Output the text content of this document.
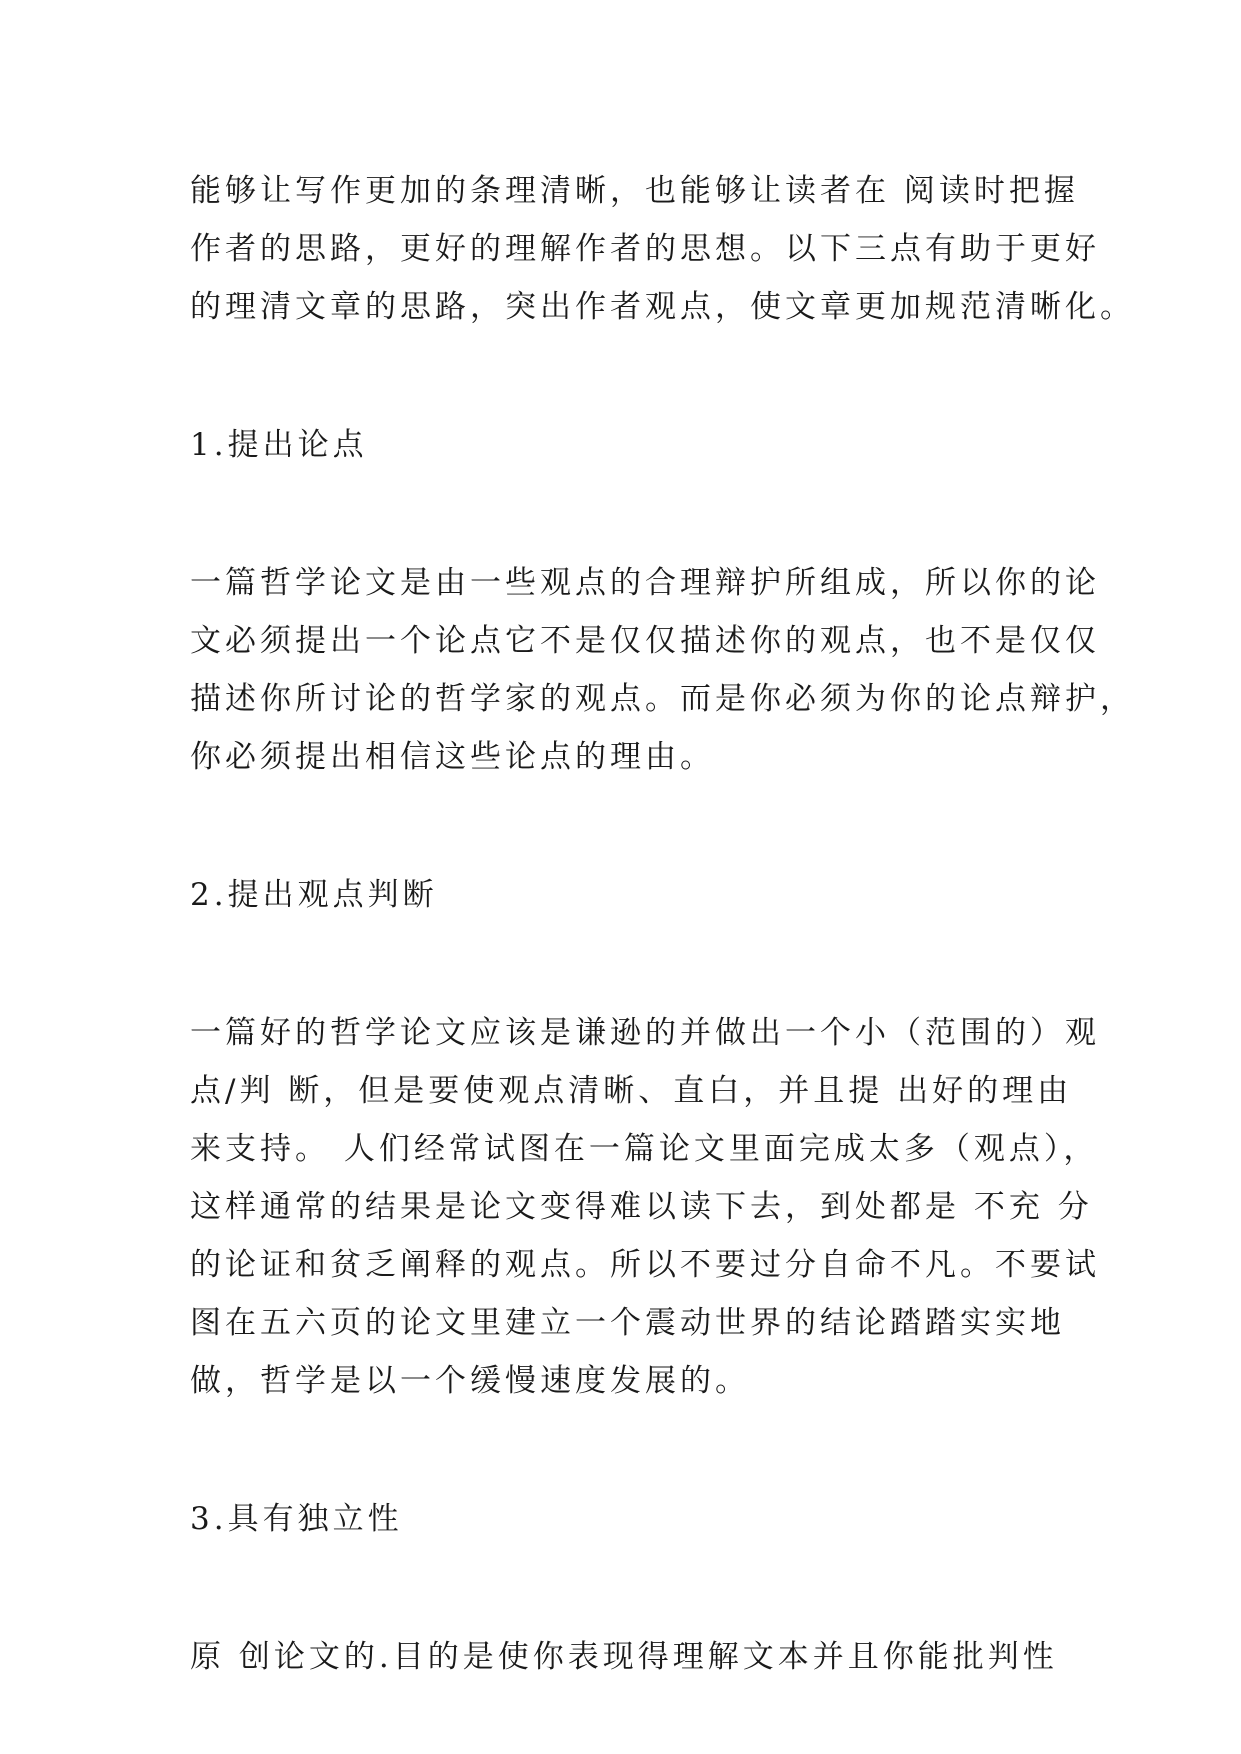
能够让写作更加的条理清晰，也能够让读者在 阅读时把握
作者的思路，更好的理解作者的思想。以下三点有助于更好
的理清文章的思路，突出作者观点，使文章更加规范清晰化。

1.提出论点

一篇哲学论文是由一些观点的合理辩护所组成，所以你的论
文必须提出一个论点它不是仅仅描述你的观点，也不是仅仅
描述你所讨论的哲学家的观点。而是你必须为你的论点辩护，
你必须提出相信这些论点的理由。

2.提出观点判断

一篇好的哲学论文应该是谦逊的并做出一个小（范围的）观
点/判 断，但是要使观点清晰、直白，并且提 出好的理由
来支持。 人们经常试图在一篇论文里面完成太多（观点），
这样通常的结果是论文变得难以读下去，到处都是 不充 分
的论证和贫乏阐释的观点。所以不要过分自命不凡。不要试
图在五六页的论文里建立一个震动世界的结论踏踏实实地
做，哲学是以一个缓慢速度发展的。

3.具有独立性

原 创论文的.目的是使你表现得理解文本并且你能批判性
